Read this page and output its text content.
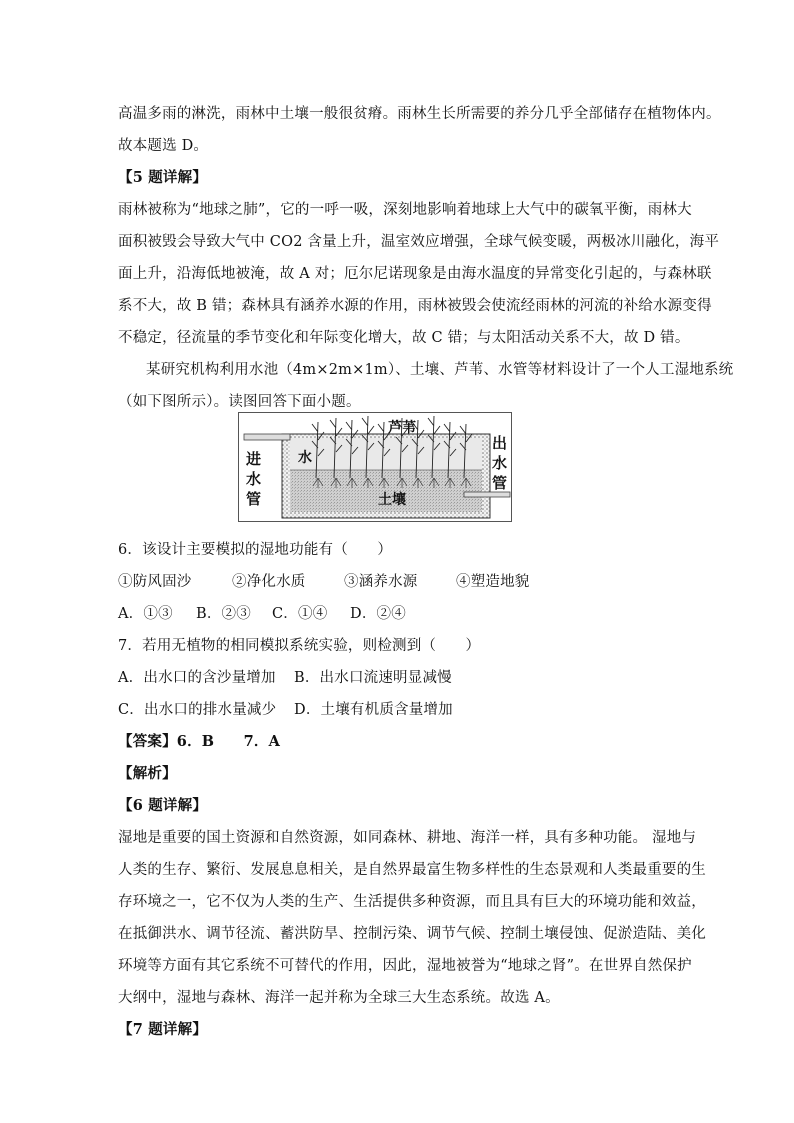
高温多雨的淋洗，雨林中土壤一般很贫瘠。雨林生长所需要的养分几乎全部储存在植物体内。
故本题选 D。
【5 题详解】
雨林被称为“地球之肺”，它的一呼一吸，深刻地影响着地球上大气中的碳氧平衡，雨林大
面积被毁会导致大气中 CO2 含量上升，温室效应增强，全球气候变暖，两极冰川融化，海平
面上升，沿海低地被淹，故 A 对；厄尔尼诺现象是由海水温度的异常变化引起的，与森林联
系不大，故 B 错；森林具有涵养水源的作用，雨林被毁会使流经雨林的河流的补给水源变得
不稳定，径流量的季节变化和年际变化增大，故 C 错；与太阳活动关系不大，故 D 错。
某研究机构利用水池（4m×2m×1m）、土壤、芦苇、水管等材料设计了一个人工湿地系统
（如下图所示）。读图回答下面小题。
芦苇
水
土壤
进
水
管
出
水
管
6．该设计主要模拟的湿地功能有（　　）
①防风固沙	②净化水质	③涵养水源	④塑造地貌
A．①③ B．②③ C．①④ D．②④
7．若用无植物的相同模拟系统实验，则检测到（　　）
A．出水口的含沙量增加 B．出水口流速明显减慢
C．出水口的排水量减少 D．土壤有机质含量增加
【答案】6．B　　7．A
【解析】
【6 题详解】
湿地是重要的国土资源和自然资源，如同森林、耕地、海洋一样，具有多种功能。 湿地与
人类的生存、繁衍、发展息息相关，是自然界最富生物多样性的生态景观和人类最重要的生
存环境之一，它不仅为人类的生产、生活提供多种资源，而且具有巨大的环境功能和效益，
在抵御洪水、调节径流、蓄洪防旱、控制污染、调节气候、控制土壤侵蚀、促淤造陆、美化
环境等方面有其它系统不可替代的作用，因此，湿地被誉为“地球之肾”。在世界自然保护
大纲中，湿地与森林、海洋一起并称为全球三大生态系统。故选 A。
【7 题详解】
